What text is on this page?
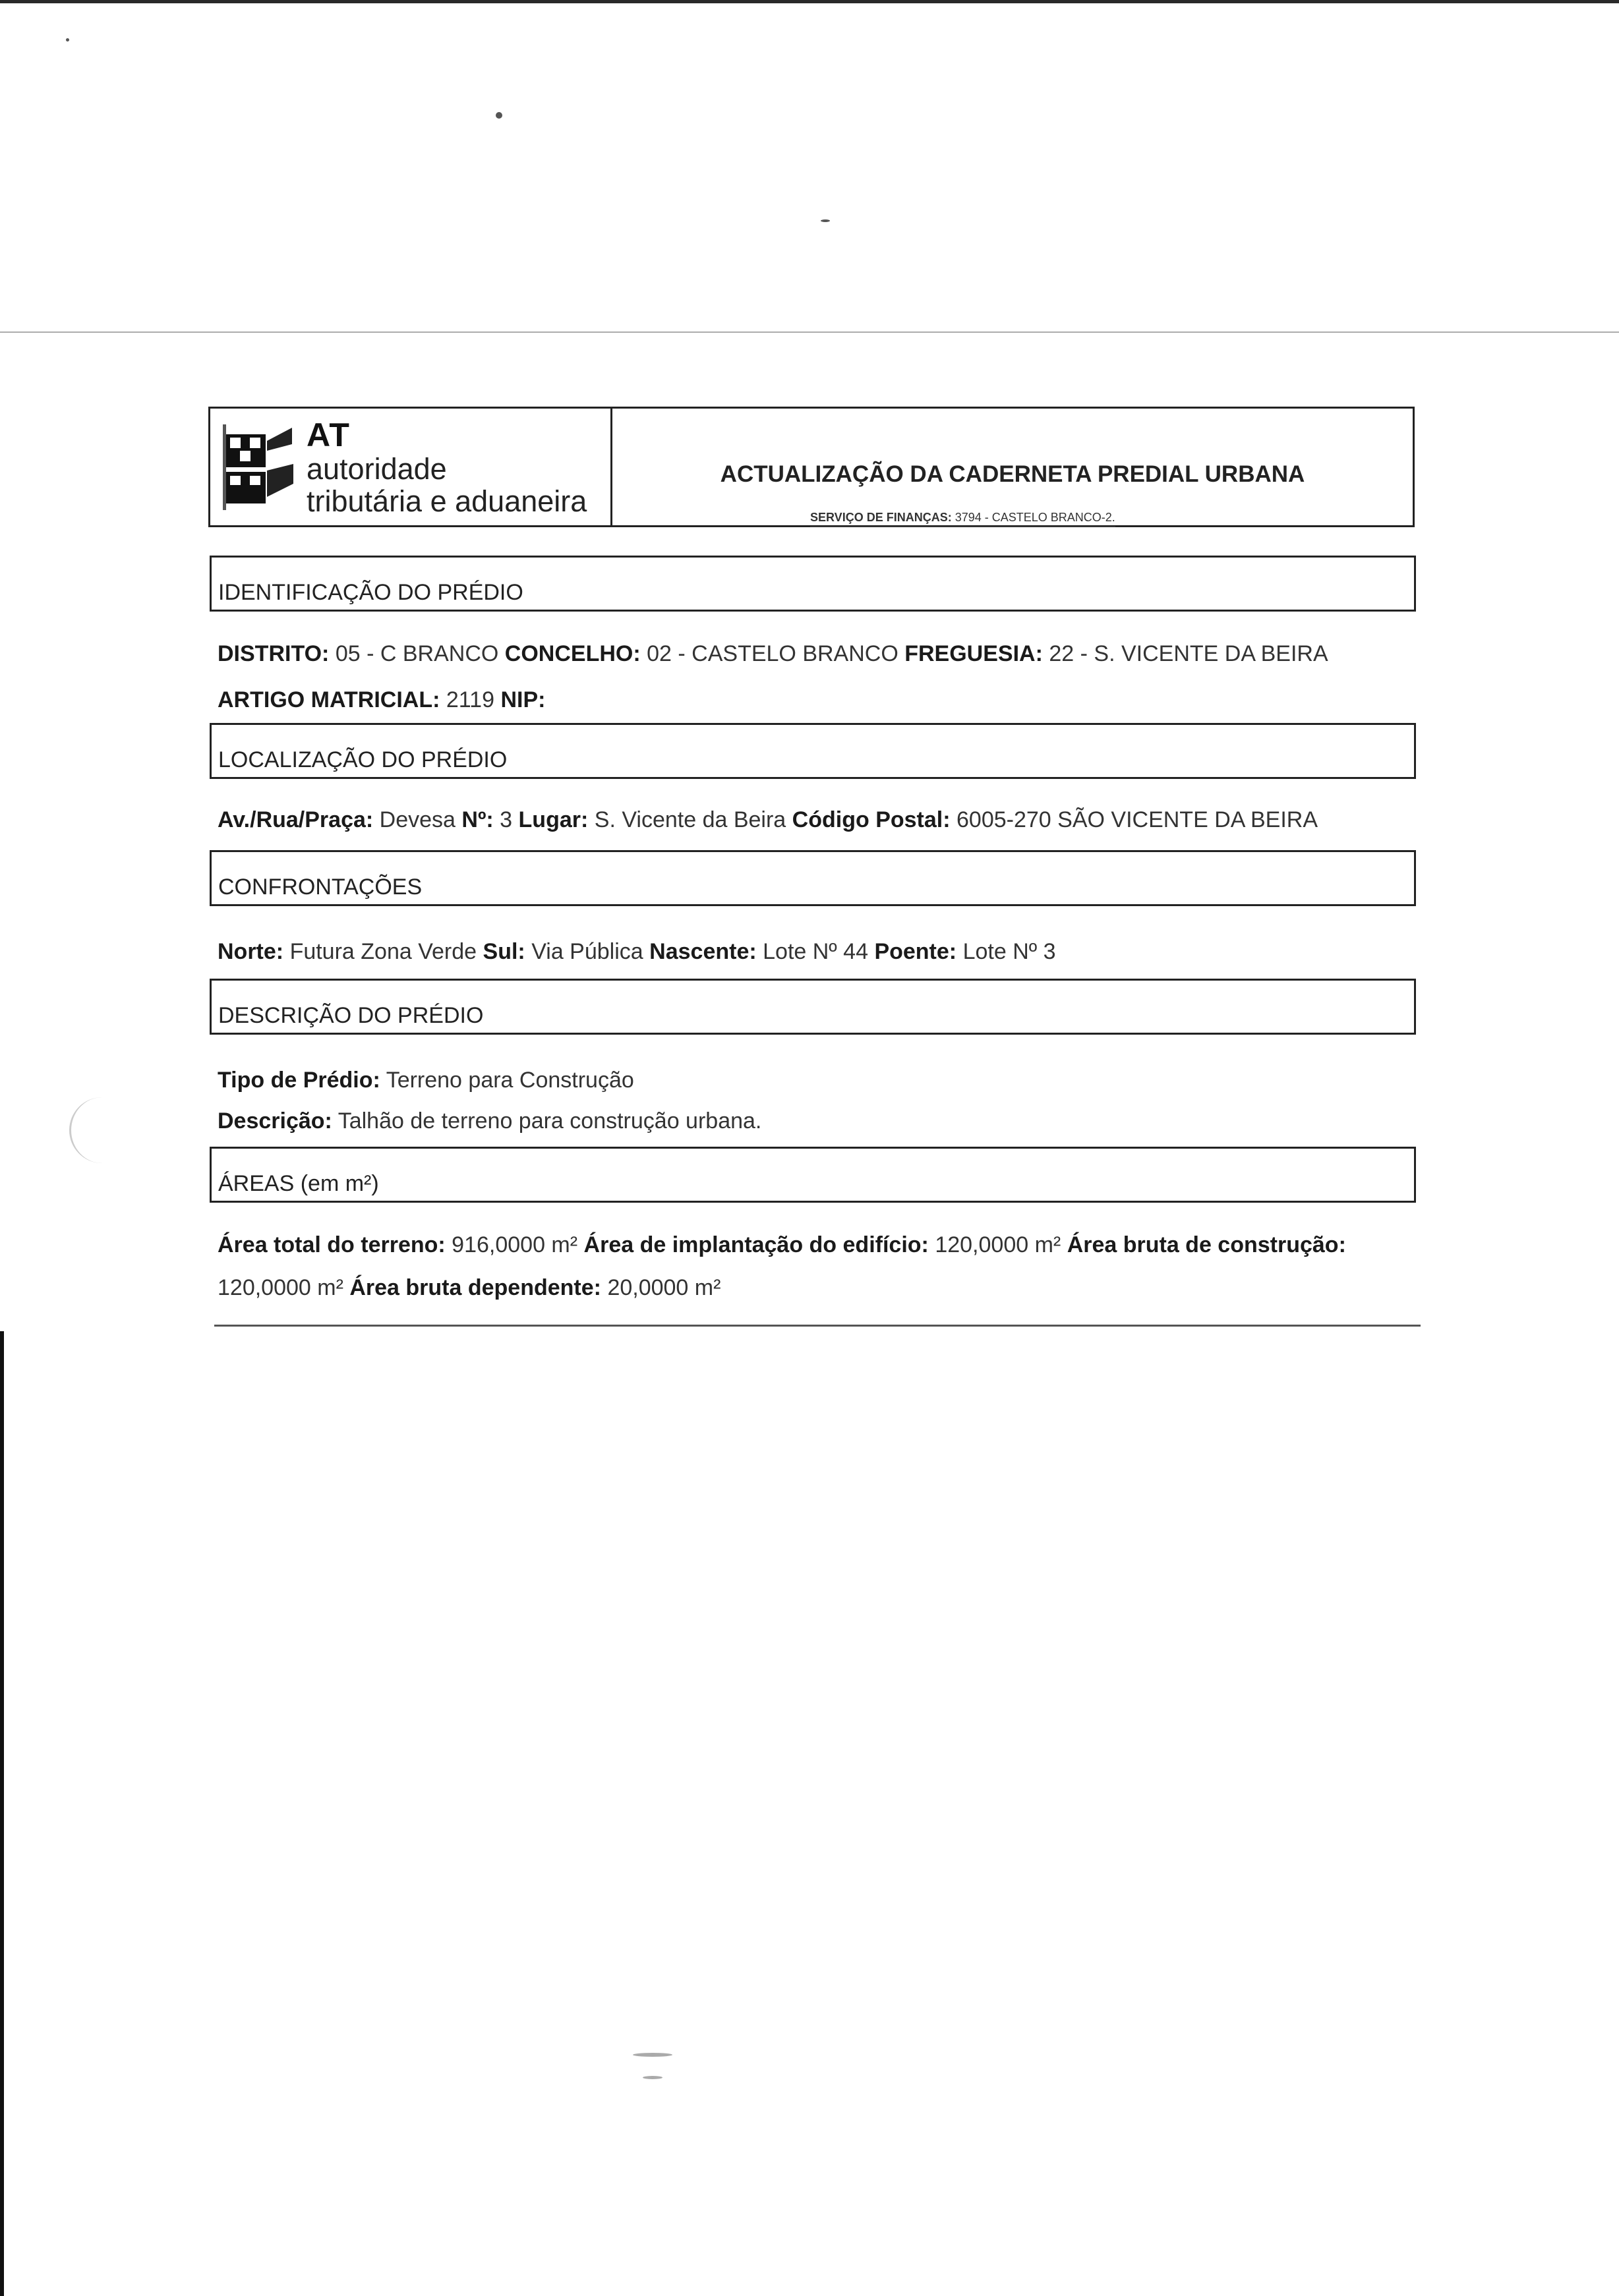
AT
autoridade
tributária e aduaneira
ACTUALIZAÇÃO DA CADERNETA PREDIAL URBANA
SERVIÇO DE FINANÇAS: 3794 - CASTELO BRANCO-2.
IDENTIFICAÇÃO DO PRÉDIO
DISTRITO: 05 - C BRANCO CONCELHO: 02 - CASTELO BRANCO FREGUESIA: 22 - S. VICENTE DA BEIRA
ARTIGO MATRICIAL: 2119 NIP:
LOCALIZAÇÃO DO PRÉDIO
Av./Rua/Praça: Devesa Nº: 3 Lugar: S. Vicente da Beira Código Postal: 6005-270 SÃO VICENTE DA BEIRA
CONFRONTAÇÕES
Norte: Futura Zona Verde Sul: Via Pública Nascente: Lote Nº 44 Poente: Lote Nº 3
DESCRIÇÃO DO PRÉDIO
Tipo de Prédio: Terreno para Construção
Descrição: Talhão de terreno para construção urbana.
ÁREAS (em m²)
Área total do terreno: 916,0000 m² Área de implantação do edifício: 120,0000 m² Área bruta de construção:
120,0000 m² Área bruta dependente: 20,0000 m²
